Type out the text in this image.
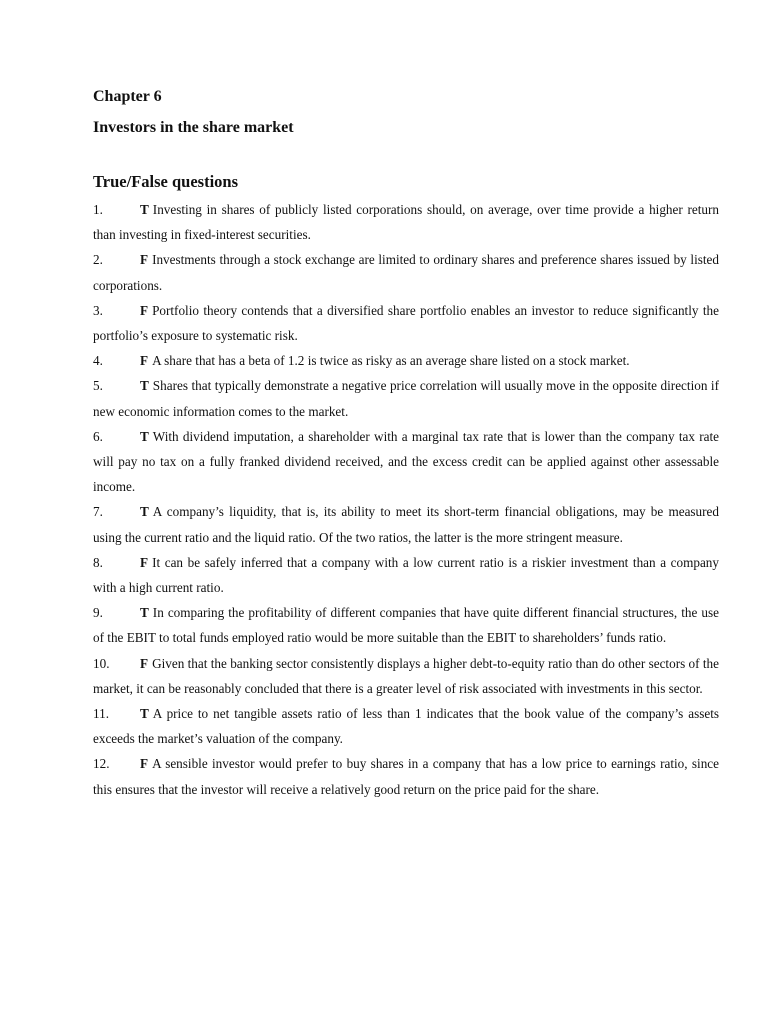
Chapter 6
Investors in the share market
True/False questions

1.	T Investing in shares of publicly listed corporations should, on average, over time provide a higher return than investing in fixed-interest securities.

2.	F Investments through a stock exchange are limited to ordinary shares and preference shares issued by listed corporations.

3.	F Portfolio theory contends that a diversified share portfolio enables an investor to reduce significantly the portfolio’s exposure to systematic risk.

4.	F A share that has a beta of 1.2 is twice as risky as an average share listed on a stock market.

5.	T Shares that typically demonstrate a negative price correlation will usually move in the opposite direction if new economic information comes to the market.

6.	T With dividend imputation, a shareholder with a marginal tax rate that is lower than the company tax rate will pay no tax on a fully franked dividend received, and the excess credit can be applied against other assessable income.

7.	T A company’s liquidity, that is, its ability to meet its short-term financial obligations, may be measured using the current ratio and the liquid ratio. Of the two ratios, the latter is the more stringent measure.

8.	F It can be safely inferred that a company with a low current ratio is a riskier investment than a company with a high current ratio.

9.	T In comparing the profitability of different companies that have quite different financial structures, the use of the EBIT to total funds employed ratio would be more suitable than the EBIT to shareholders’ funds ratio.

10. F Given that the banking sector consistently displays a higher debt-to-equity ratio than do other sectors of the market, it can be reasonably concluded that there is a greater level of risk associated with investments in this sector.

11. T A price to net tangible assets ratio of less than 1 indicates that the book value of the company’s assets exceeds the market’s valuation of the company.

12. F A sensible investor would prefer to buy shares in a company that has a low price to earnings ratio, since this ensures that the investor will receive a relatively good return on the price paid for the share.
